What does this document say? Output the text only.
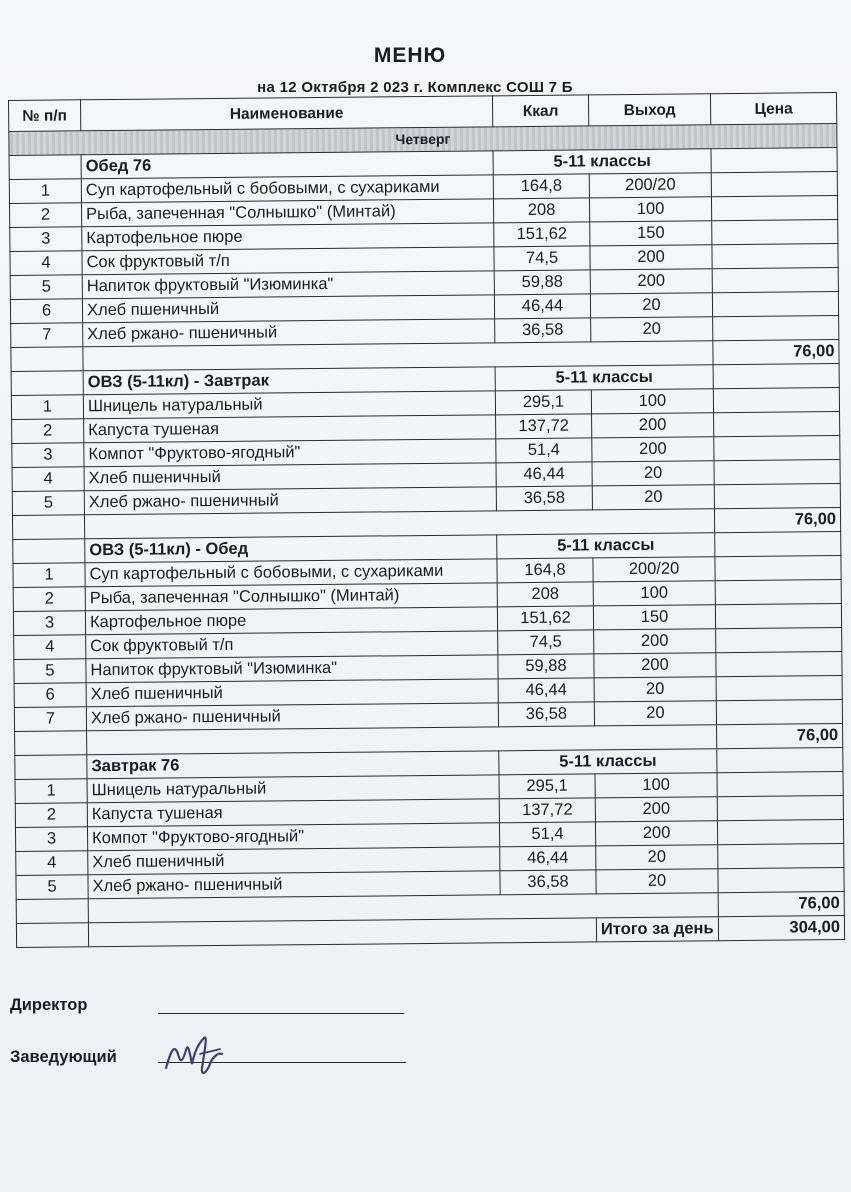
МЕНЮ
на 12 Октября 2 023 г. Комплекс СОШ 7 Б
№ п/п	Наименование	Ккал	Выход	Цена
Четверг				
	Обед 76	5-11 классы		
1	Суп картофельный с бобовыми, с сухариками	164,8	200/20	
2	Рыба, запеченная "Солнышко" (Минтай)	208	100	
3	Картофельное пюре	151,62	150	
4	Сок фруктовый т/п	74,5	200	
5	Напиток фруктовый "Изюминка"	59,88	200	
6	Хлеб пшеничный	46,44	20	
7	Хлеб ржано- пшеничный	36,58	20	
				76,00
	ОВЗ (5-11кл) - Завтрак	5-11 классы		
1	Шницель натуральный	295,1	100	
2	Капуста тушеная	137,72	200	
3	Компот "Фруктово-ягодный"	51,4	200	
4	Хлеб пшеничный	46,44	20	
5	Хлеб ржано- пшеничный	36,58	20	
				76,00
	ОВЗ (5-11кл) - Обед	5-11 классы		
1	Суп картофельный с бобовыми, с сухариками	164,8	200/20	
2	Рыба, запеченная "Солнышко" (Минтай)	208	100	
3	Картофельное пюре	151,62	150	
4	Сок фруктовый т/п	74,5	200	
5	Напиток фруктовый "Изюминка"	59,88	200	
6	Хлеб пшеничный	46,44	20	
7	Хлеб ржано- пшеничный	36,58	20	
				76,00
	Завтрак 76	5-11 классы		
1	Шницель натуральный	295,1	100	
2	Капуста тушеная	137,72	200	
3	Компот "Фруктово-ягодный"	51,4	200	
4	Хлеб пшеничный	46,44	20	
5	Хлеб ржано- пшеничный	36,58	20	
				76,00
			Итого за день	304,00
Директор
Заведующий
